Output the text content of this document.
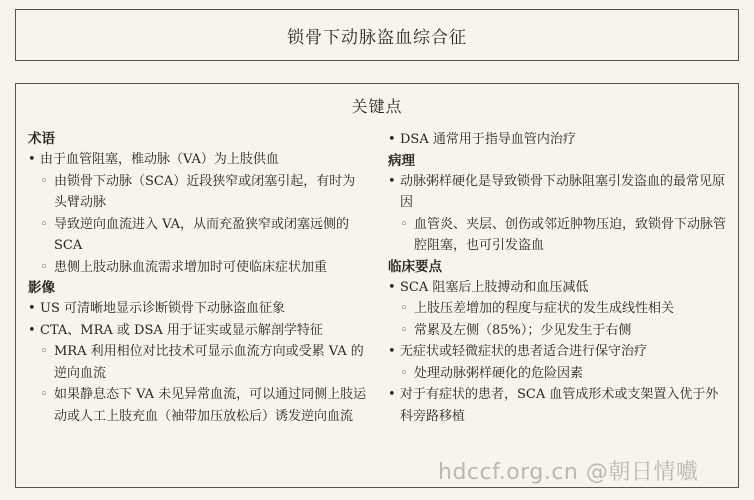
锁骨下动脉盗血综合征
关键点
术语
• 由于血管阻塞，椎动脉（VA）为上肢供血
◦ 由锁骨下动脉（SCA）近段狭窄或闭塞引起，有时为头臂动脉
◦ 导致逆向血流进入 VA，从而充盈狭窄或闭塞远侧的 SCA
◦ 患侧上肢动脉血流需求增加时可使临床症状加重
影像
• US 可清晰地显示诊断锁骨下动脉盗血征象
• CTA、MRA 或 DSA 用于证实或显示解剖学特征
◦ MRA 利用相位对比技术可显示血流方向或受累 VA 的逆向血流
◦ 如果静息态下 VA 未见异常血流，可以通过同侧上肢运动或人工上肢充血（袖带加压放松后）诱发逆向血流
• DSA 通常用于指导血管内治疗
病理
• 动脉粥样硬化是导致锁骨下动脉阻塞引发盗血的最常见原因
◦ 血管炎、夹层、创伤或邻近肿物压迫，致锁骨下动脉管腔阻塞，也可引发盗血
临床要点
• SCA 阻塞后上肢搏动和血压减低
◦ 上肢压差增加的程度与症状的发生成线性相关
◦ 常累及左侧（85%）；少见发生于右侧
• 无症状或轻微症状的患者适合进行保守治疗
◦ 处理动脉粥样硬化的危险因素
• 对于有症状的患者，SCA 血管成形术或支架置入优于外科旁路移植
hdccf.org.cn @朝日情嚱
